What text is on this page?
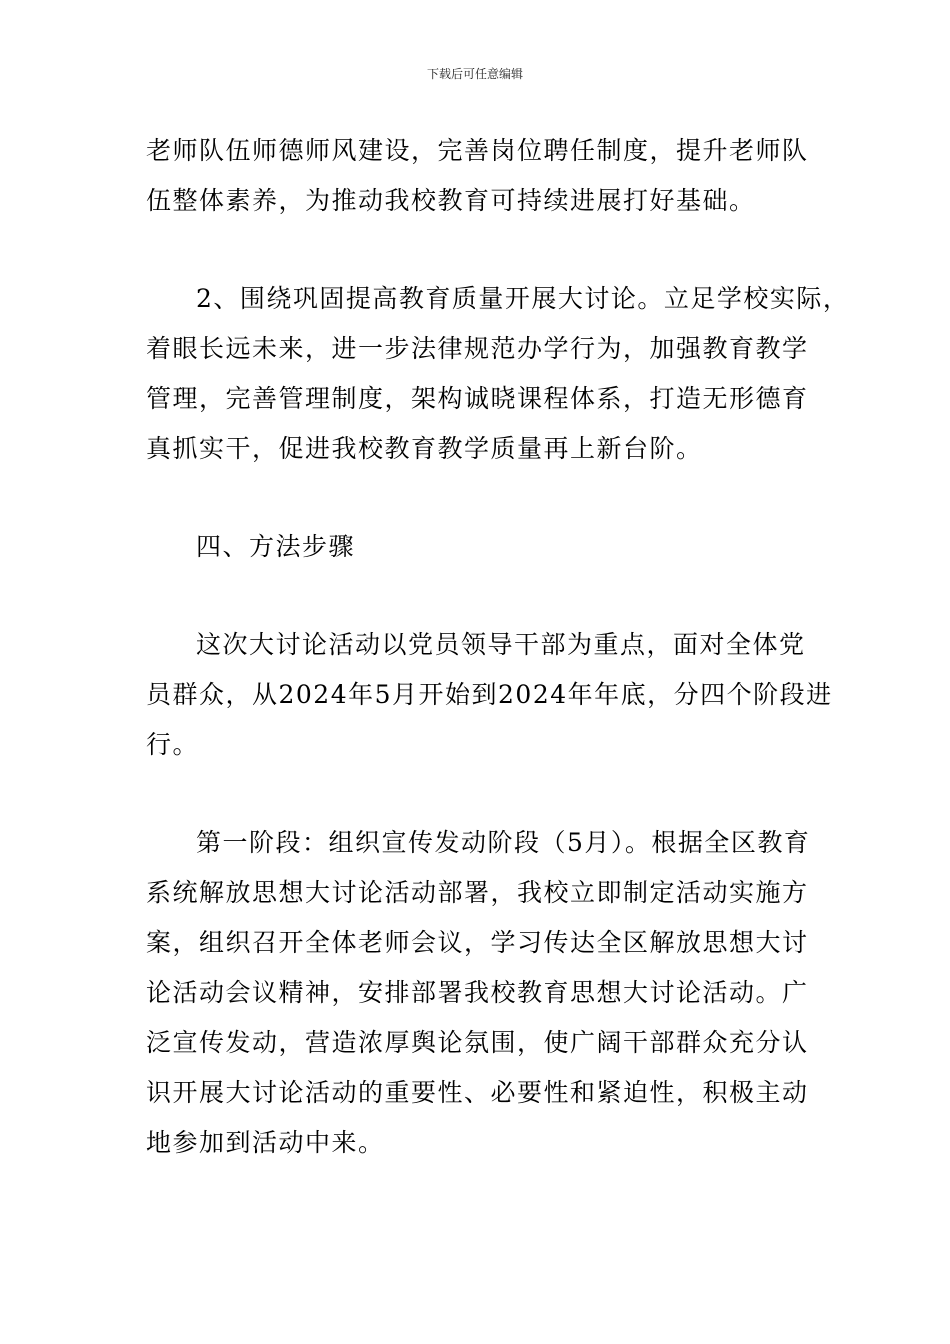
下载后可任意编辑

老师队伍师德师风建设，完善岗位聘任制度，提升老师队
伍整体素养，为推动我校教育可持续进展打好基础。

2、围绕巩固提高教育质量开展大讨论。立足学校实际，
着眼长远未来，进一步法律规范办学行为，加强教育教学
管理，完善管理制度，架构诚晓课程体系，打造无形德育
真抓实干，促进我校教育教学质量再上新台阶。

四、方法步骤

这次大讨论活动以党员领导干部为重点，面对全体党
员群众，从2024年5月开始到2024年年底，分四个阶段进
行。

第一阶段：组织宣传发动阶段（5月）。根据全区教育
系统解放思想大讨论活动部署，我校立即制定活动实施方
案，组织召开全体老师会议，学习传达全区解放思想大讨
论活动会议精神，安排部署我校教育思想大讨论活动。广
泛宣传发动，营造浓厚舆论氛围，使广阔干部群众充分认
识开展大讨论活动的重要性、必要性和紧迫性，积极主动
地参加到活动中来。
